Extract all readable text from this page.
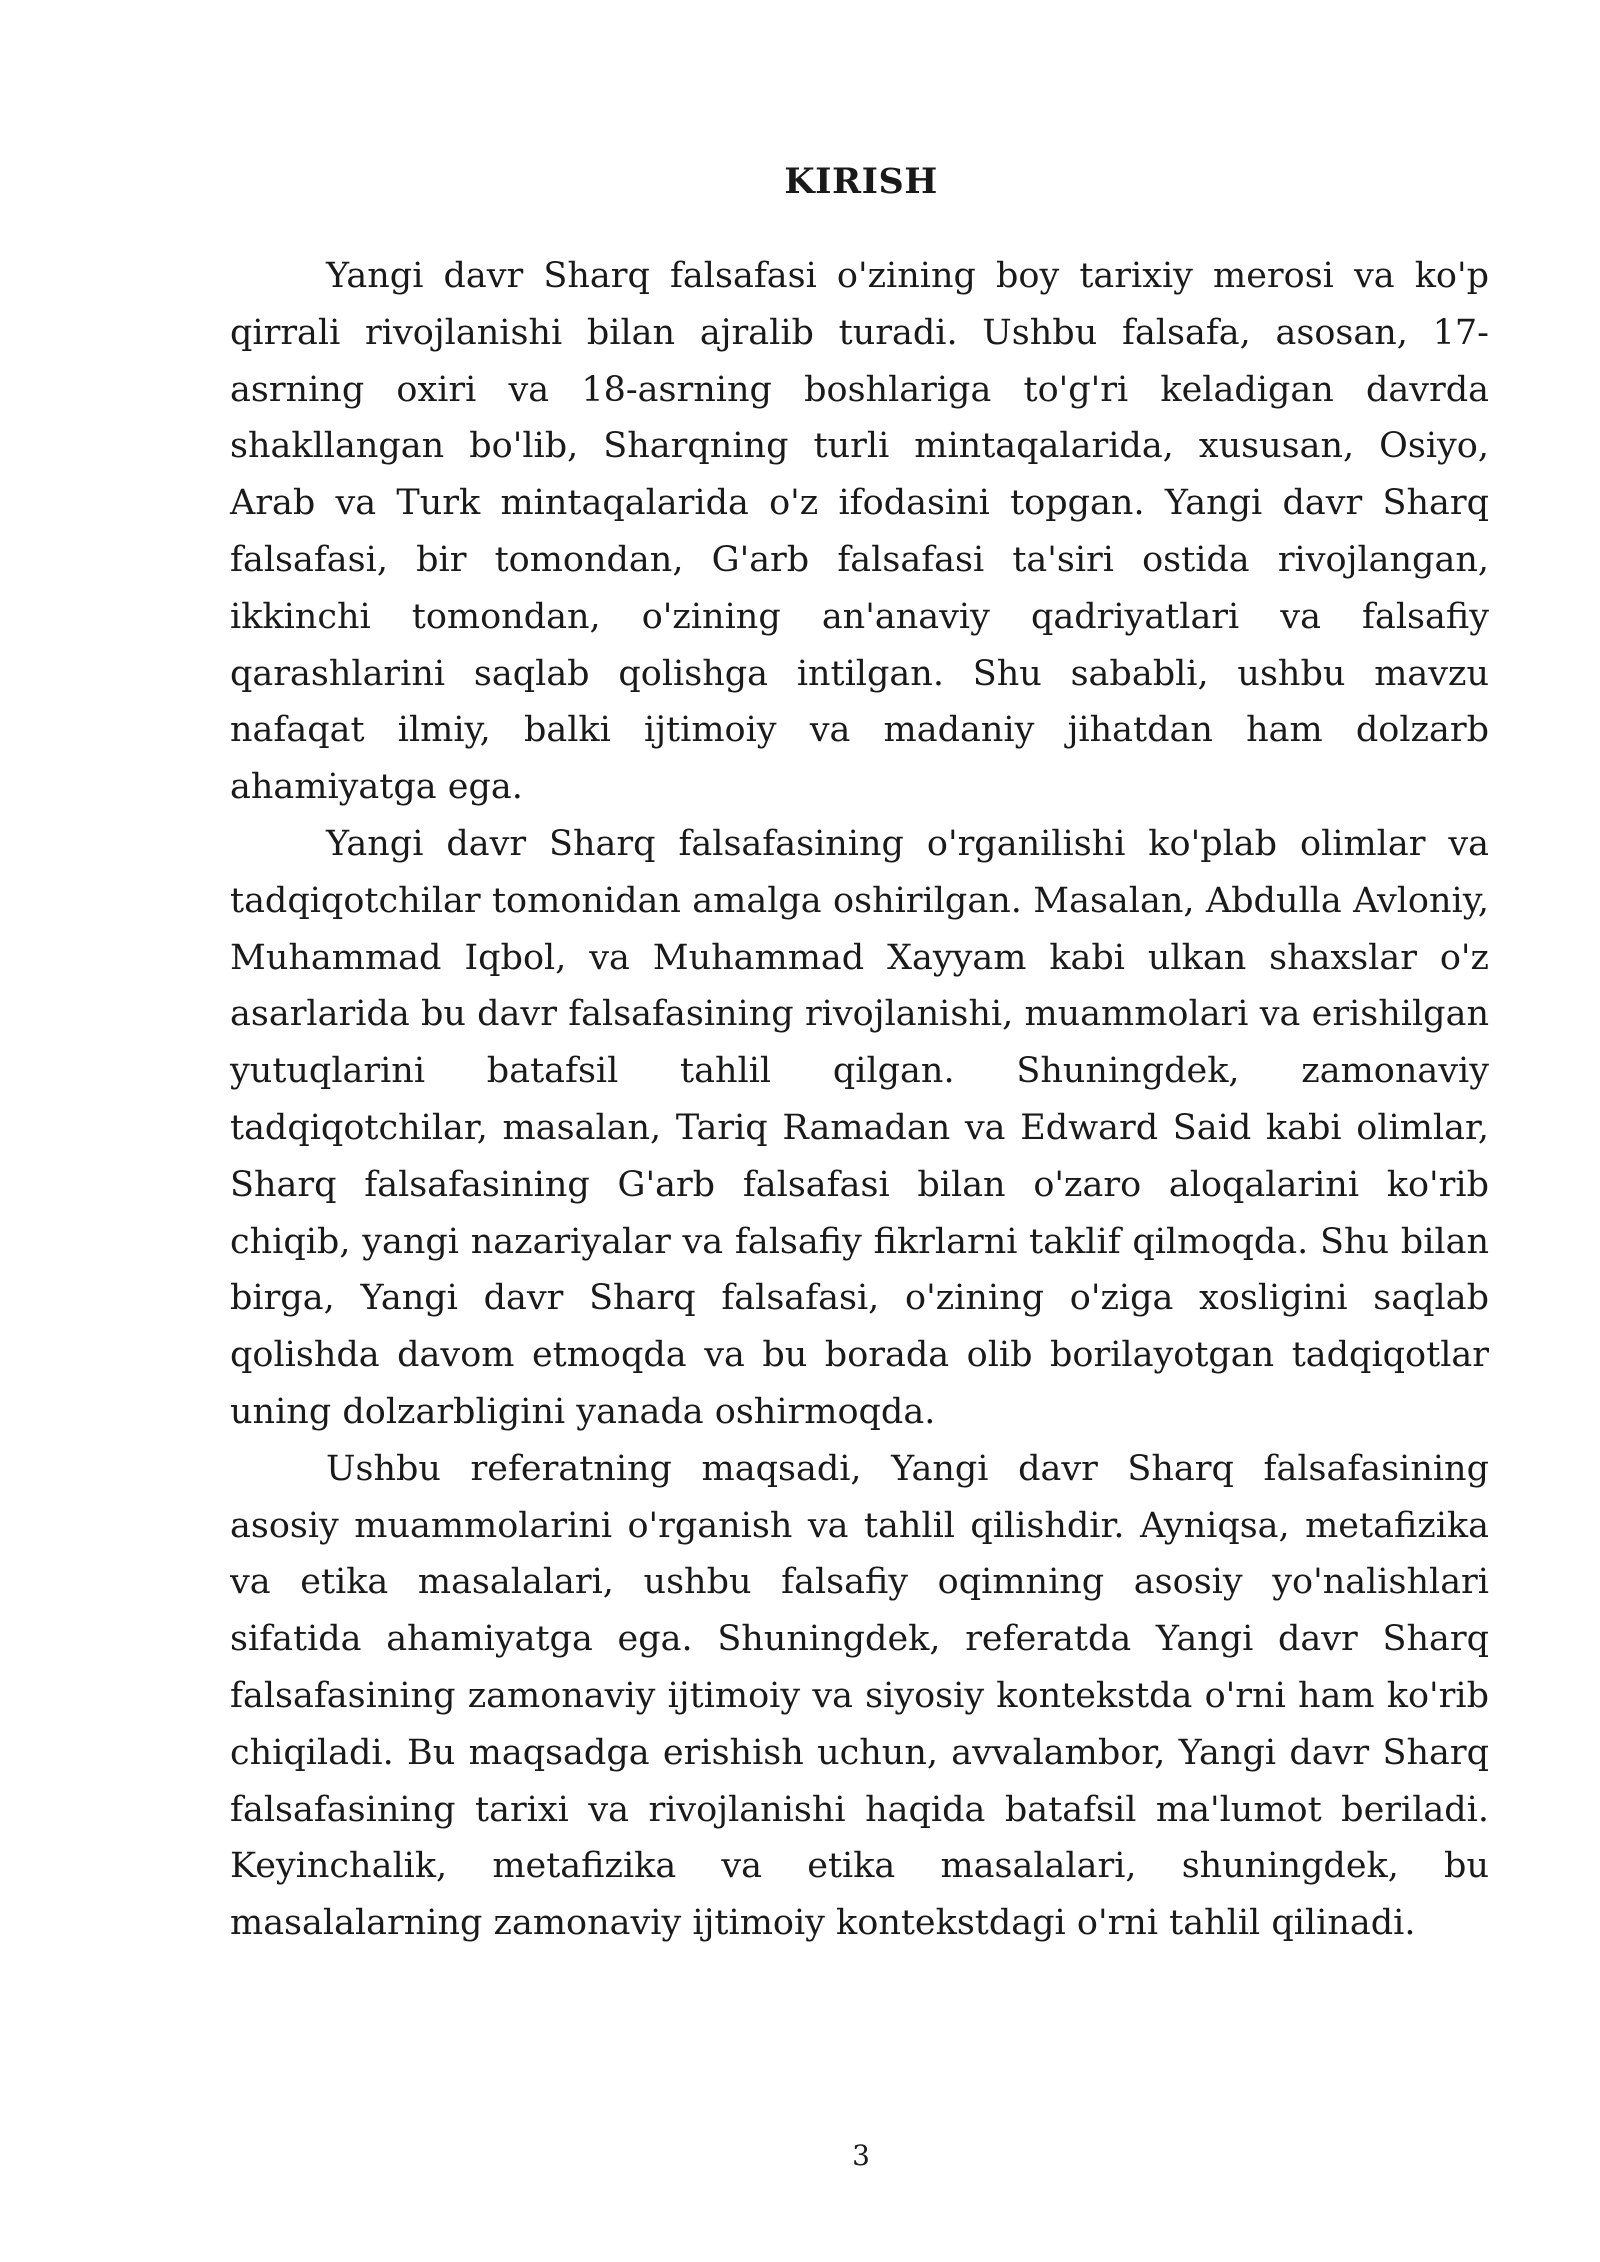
KIRISH

Yangi davr Sharq falsafasi o'zining boy tarixiy merosi va ko'p qirrali rivojlanishi bilan ajralib turadi. Ushbu falsafa, asosan, 17-asrning oxiri va 18-asrning boshlariga to'g'ri keladigan davrda shakllangan bo'lib, Sharqning turli mintaqalarida, xususan, Osiyo, Arab va Turk mintaqalarida o'z ifodasini topgan. Yangi davr Sharq falsafasi, bir tomondan, G'arb falsafasi ta'siri ostida rivojlangan, ikkinchi tomondan, o'zining an'anaviy qadriyatlari va falsafiy qarashlarini saqlab qolishga intilgan. Shu sababli, ushbu mavzu nafaqat ilmiy, balki ijtimoiy va madaniy jihatdan ham dolzarb ahamiyatga ega.

Yangi davr Sharq falsafasining o'rganilishi ko'plab olimlar va tadqiqotchilar tomonidan amalga oshirilgan. Masalan, Abdulla Avloniy, Muhammad Iqbol, va Muhammad Xayyam kabi ulkan shaxslar o'z asarlarida bu davr falsafasining rivojlanishi, muammolari va erishilgan yutuqlarini batafsil tahlil qilgan. Shuningdek, zamonaviy tadqiqotchilar, masalan, Tariq Ramadan va Edward Said kabi olimlar, Sharq falsafasining G'arb falsafasi bilan o'zaro aloqalarini ko'rib chiqib, yangi nazariyalar va falsafiy fikrlarni taklif qilmoqda. Shu bilan birga, Yangi davr Sharq falsafasi, o'zining o'ziga xosligini saqlab qolishda davom etmoqda va bu borada olib borilayotgan tadqiqotlar uning dolzarbligini yanada oshirmoqda.

Ushbu referatning maqsadi, Yangi davr Sharq falsafasining asosiy muammolarini o'rganish va tahlil qilishdir. Ayniqsa, metafizika va etika masalalari, ushbu falsafiy oqimning asosiy yo'nalishlari sifatida ahamiyatga ega. Shuningdek, referatda Yangi davr Sharq falsafasining zamonaviy ijtimoiy va siyosiy kontekstda o'rni ham ko'rib chiqiladi. Bu maqsadga erishish uchun, avvalambor, Yangi davr Sharq falsafasining tarixi va rivojlanishi haqida batafsil ma'lumot beriladi. Keyinchalik, metafizika va etika masalalari, shuningdek, bu masalalarning zamonaviy ijtimoiy kontekstdagi o'rni tahlil qilinadi.

3
